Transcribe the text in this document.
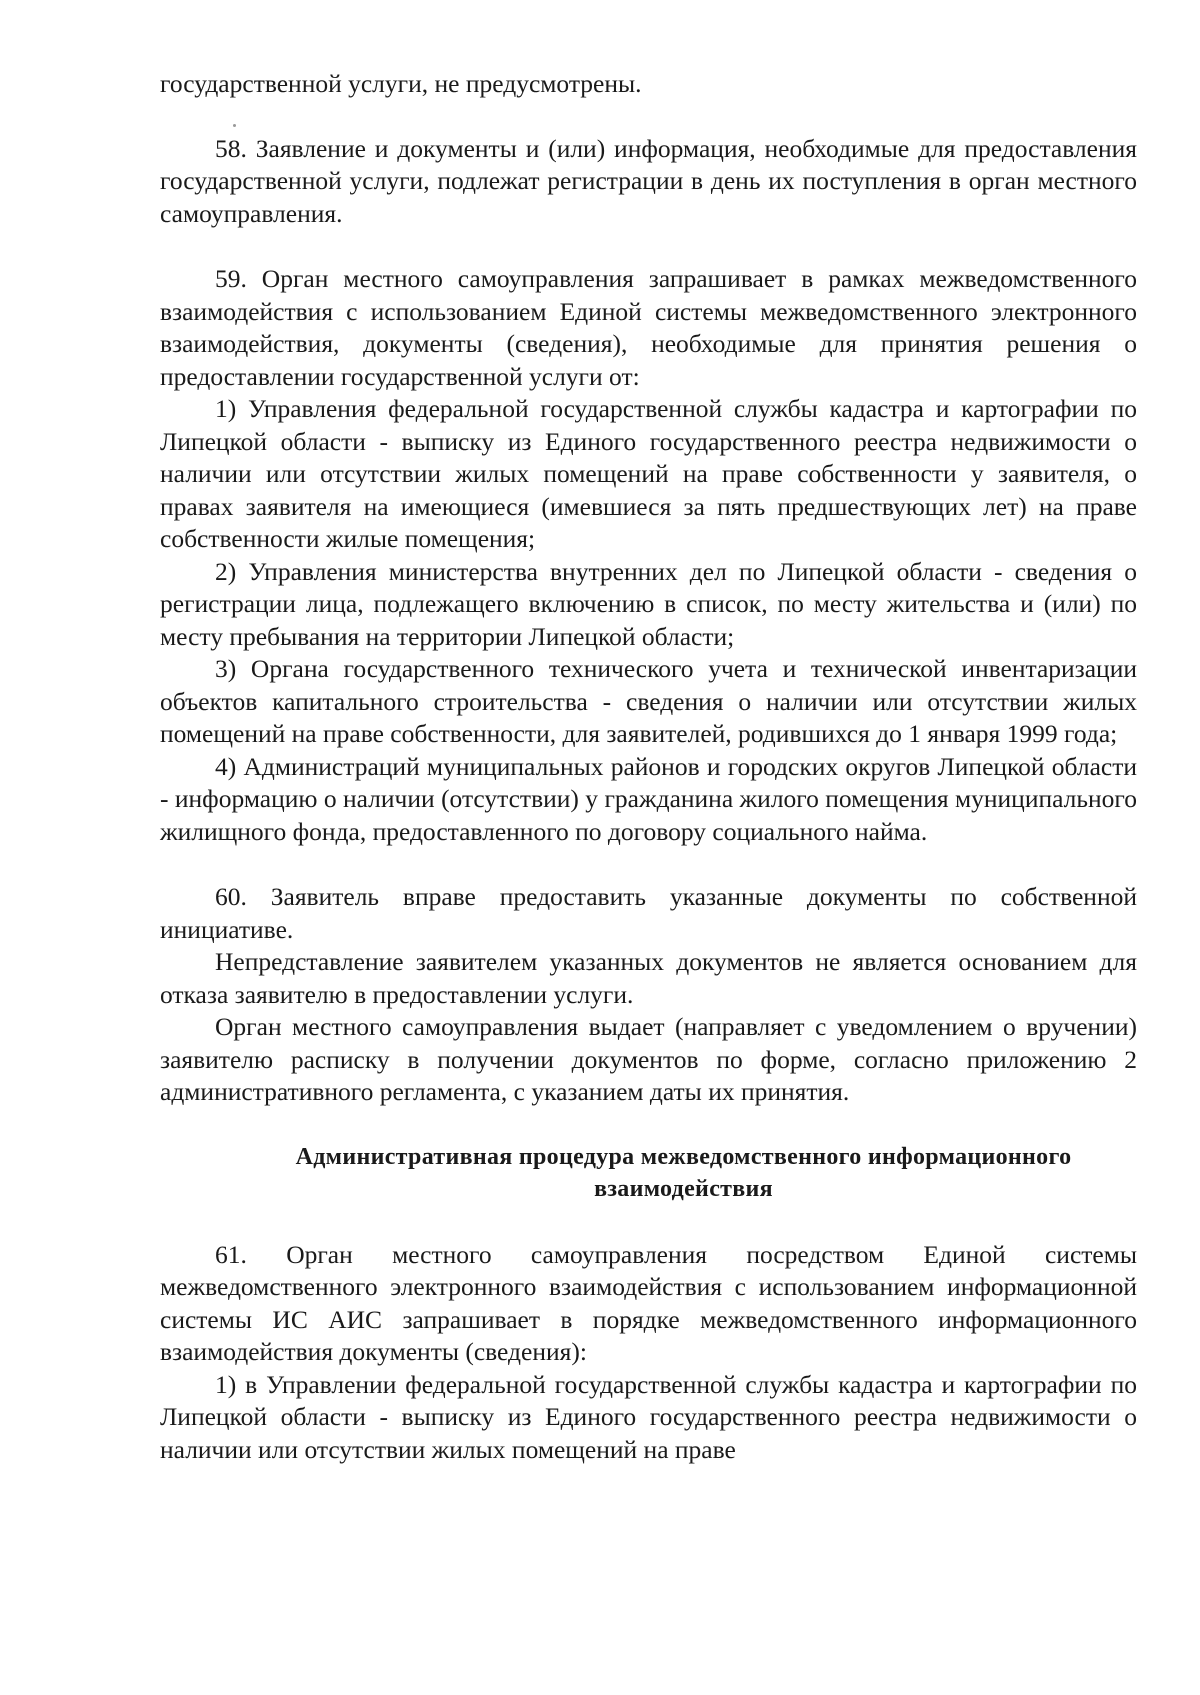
государственной услуги, не предусмотрены.

58. Заявление и документы и (или) информация, необходимые для предоставления государственной услуги, подлежат регистрации в день их поступления в орган местного самоуправления.

59. Орган местного самоуправления запрашивает в рамках межведомственного взаимодействия с использованием Единой системы межведомственного электронного взаимодействия, документы (сведения), необходимые для принятия решения о предоставлении государственной услуги от:

1) Управления федеральной государственной службы кадастра и картографии по Липецкой области - выписку из Единого государственного реестра недвижимости о наличии или отсутствии жилых помещений на праве собственности у заявителя, о правах заявителя на имеющиеся (имевшиеся за пять предшествующих лет) на праве собственности жилые помещения;

2) Управления министерства внутренних дел по Липецкой области - сведения о регистрации лица, подлежащего включению в список, по месту жительства и (или) по месту пребывания на территории Липецкой области;

3) Органа государственного технического учета и технической инвентаризации объектов капитального строительства - сведения о наличии или отсутствии жилых помещений на праве собственности, для заявителей, родившихся до 1 января 1999 года;

4) Администраций муниципальных районов и городских округов Липецкой области - информацию о наличии (отсутствии) у гражданина жилого помещения муниципального жилищного фонда, предоставленного по договору социального найма.

60. Заявитель вправе предоставить указанные документы по собственной инициативе.

Непредставление заявителем указанных документов не является основанием для отказа заявителю в предоставлении услуги.

Орган местного самоуправления выдает (направляет с уведомлением о вручении) заявителю расписку в получении документов по форме, согласно приложению 2 административного регламента, с указанием даты их принятия.

Административная процедура межведомственного информационного
взаимодействия

61. Орган местного самоуправления посредством Единой системы межведомственного электронного взаимодействия с использованием информационной системы ИС АИС запрашивает в порядке межведомственного информационного взаимодействия документы (сведения):

1) в Управлении федеральной государственной службы кадастра и картографии по Липецкой области - выписку из Единого государственного реестра недвижимости о наличии или отсутствии жилых помещений на праве
